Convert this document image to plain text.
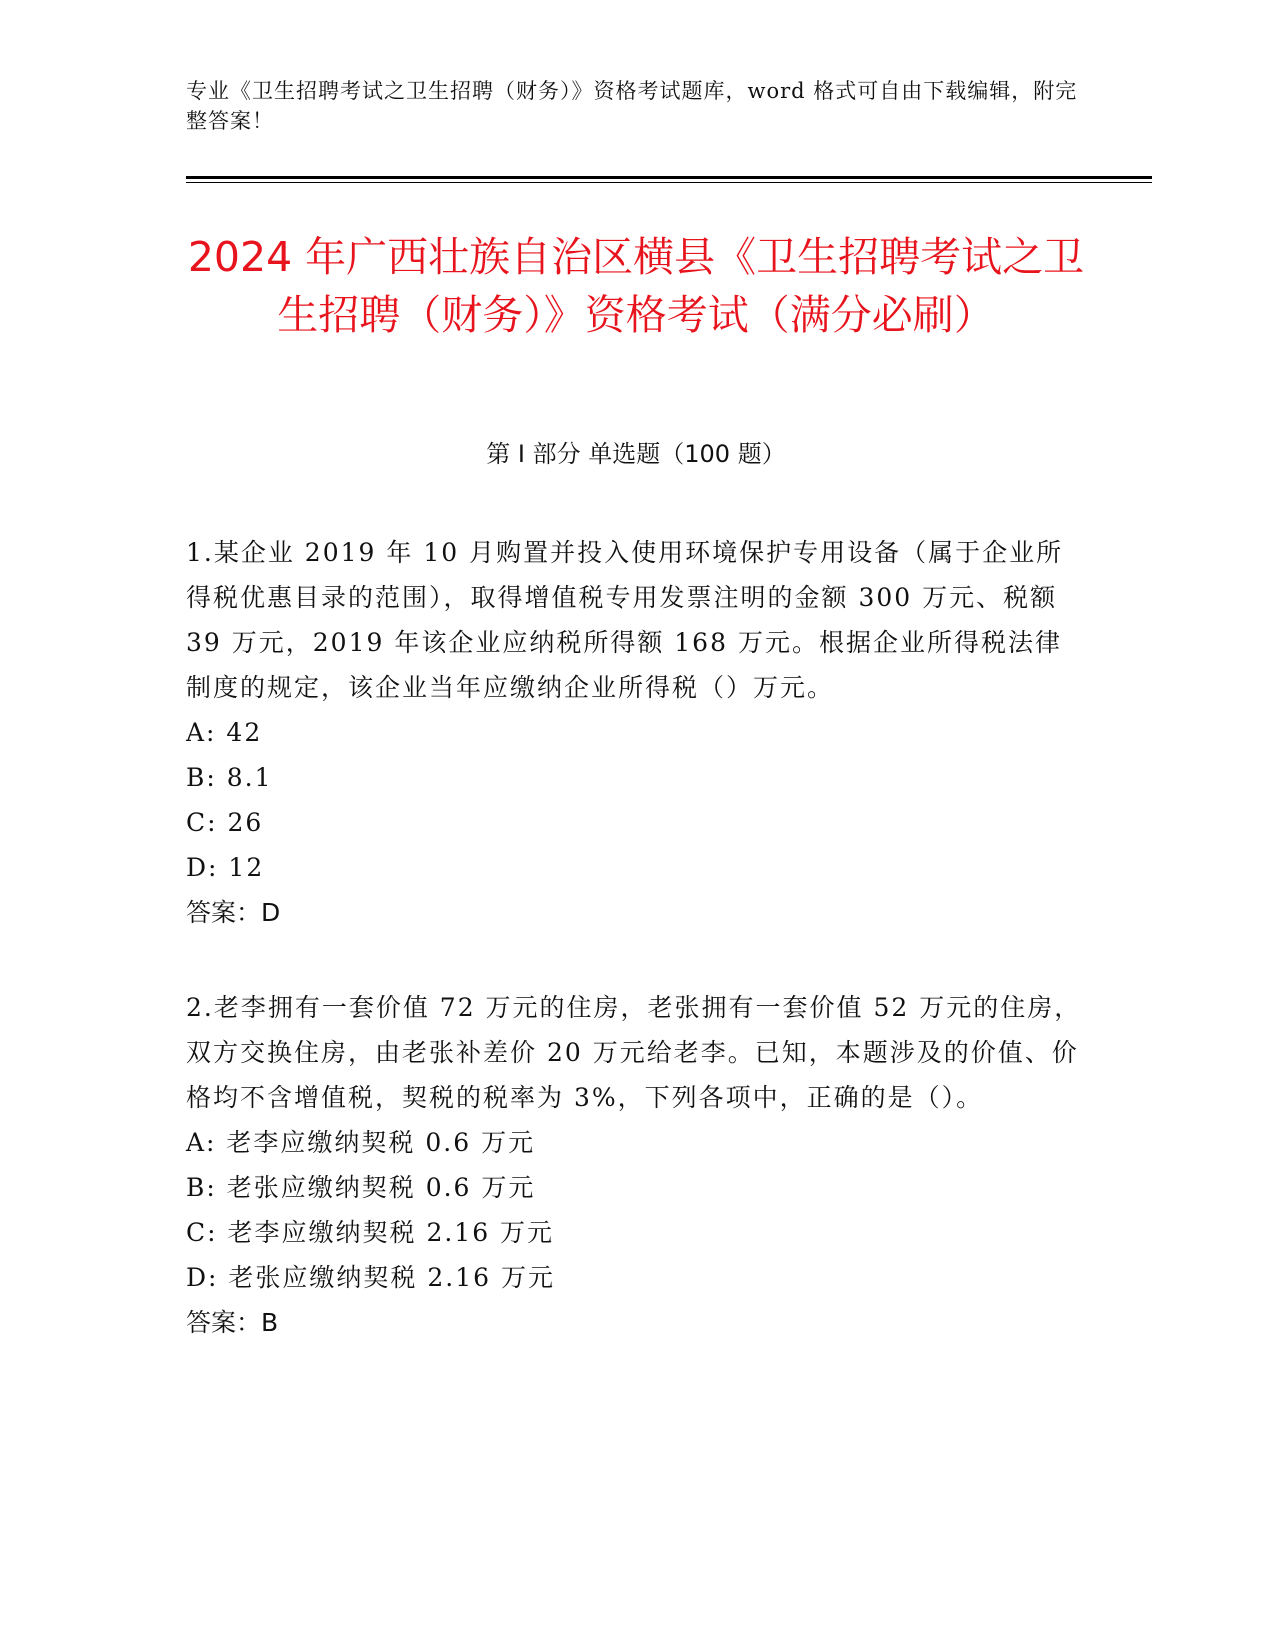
专业《卫生招聘考试之卫生招聘（财务）》资格考试题库，word 格式可自由下载编辑，附完整答案！
2024 年广西壮族自治区横县《卫生招聘考试之卫生招聘（财务）》资格考试（满分必刷）
第 I 部分 单选题（100 题）

1.某企业 2019 年 10 月购置并投入使用环境保护专用设备（属于企业所得税优惠目录的范围），取得增值税专用发票注明的金额 300 万元、税额 39 万元，2019 年该企业应纳税所得额 168 万元。根据企业所得税法律制度的规定，该企业当年应缴纳企业所得税（）万元。

A: 42

B: 8.1

C: 26

D: 12

答案：D

2.老李拥有一套价值 72 万元的住房，老张拥有一套价值 52 万元的住房，双方交换住房，由老张补差价 20 万元给老李。已知，本题涉及的价值、价格均不含增值税，契税的税率为 3%，下列各项中，正确的是（）。

A: 老李应缴纳契税 0.6 万元

B: 老张应缴纳契税 0.6 万元

C: 老李应缴纳契税 2.16 万元

D: 老张应缴纳契税 2.16 万元

答案：B
